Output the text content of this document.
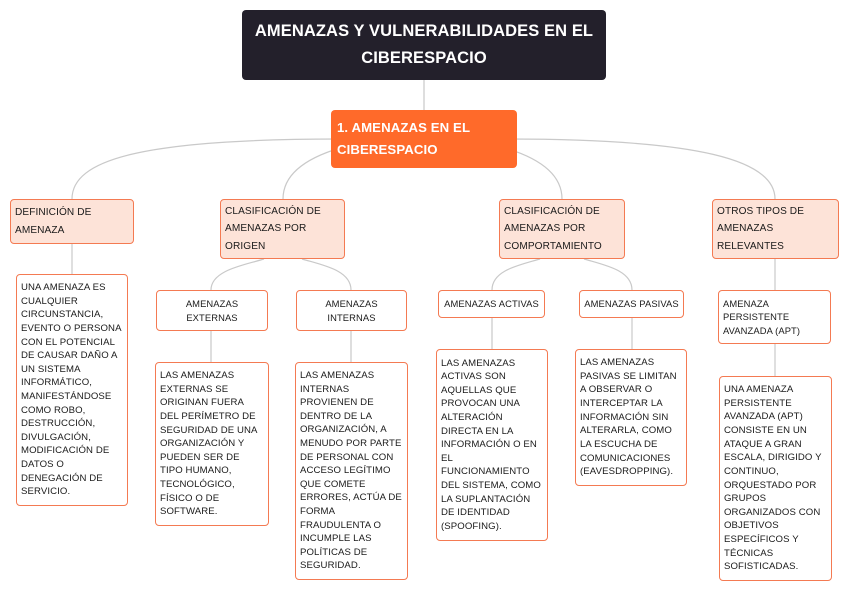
AMENAZAS Y VULNERABILIDADES EN EL CIBERESPACIO
1. AMENAZAS EN EL CIBERESPACIO
DEFINICIÓN DE AMENAZA
CLASIFICACIÓN DE AMENAZAS POR ORIGEN
CLASIFICACIÓN DE AMENAZAS POR COMPORTAMIENTO
OTROS TIPOS DE AMENAZAS RELEVANTES
UNA AMENAZA ES CUALQUIER CIRCUNSTANCIA, EVENTO O PERSONA CON EL POTENCIAL DE CAUSAR DAÑO A UN SISTEMA INFORMÁTICO, MANIFESTÁNDOSE COMO ROBO, DESTRUCCIÓN, DIVULGACIÓN, MODIFICACIÓN DE DATOS O DENEGACIÓN DE SERVICIO.
AMENAZAS EXTERNAS
AMENAZAS INTERNAS
AMENAZAS ACTIVAS	AMENAZAS PASIVAS	AMENAZA PERSISTENTE AVANZADA (APT)
LAS AMENAZAS EXTERNAS SE ORIGINAN FUERA DEL PERÍMETRO DE SEGURIDAD DE UNA ORGANIZACIÓN Y PUEDEN SER DE TIPO HUMANO, TECNOLÓGICO, FÍSICO O DE SOFTWARE.
LAS AMENAZAS INTERNAS PROVIENEN DE DENTRO DE LA ORGANIZACIÓN, A MENUDO POR PARTE DE PERSONAL CON ACCESO LEGÍTIMO QUE COMETE ERRORES, ACTÚA DE FORMA FRAUDULENTA O INCUMPLE LAS POLÍTICAS DE SEGURIDAD.
LAS AMENAZAS ACTIVAS SON AQUELLAS QUE PROVOCAN UNA ALTERACIÓN DIRECTA EN LA INFORMACIÓN O EN EL FUNCIONAMIENTO DEL SISTEMA, COMO LA SUPLANTACIÓN DE IDENTIDAD (SPOOFING).
LAS AMENAZAS PASIVAS SE LIMITAN A OBSERVAR O INTERCEPTAR LA INFORMACIÓN SIN ALTERARLA, COMO LA ESCUCHA DE COMUNICACIONES (EAVESDROPPING).
UNA AMENAZA PERSISTENTE AVANZADA (APT) CONSISTE EN UN ATAQUE A GRAN ESCALA, DIRIGIDO Y CONTINUO, ORQUESTADO POR GRUPOS ORGANIZADOS CON OBJETIVOS ESPECÍFICOS Y TÉCNICAS SOFISTICADAS.
